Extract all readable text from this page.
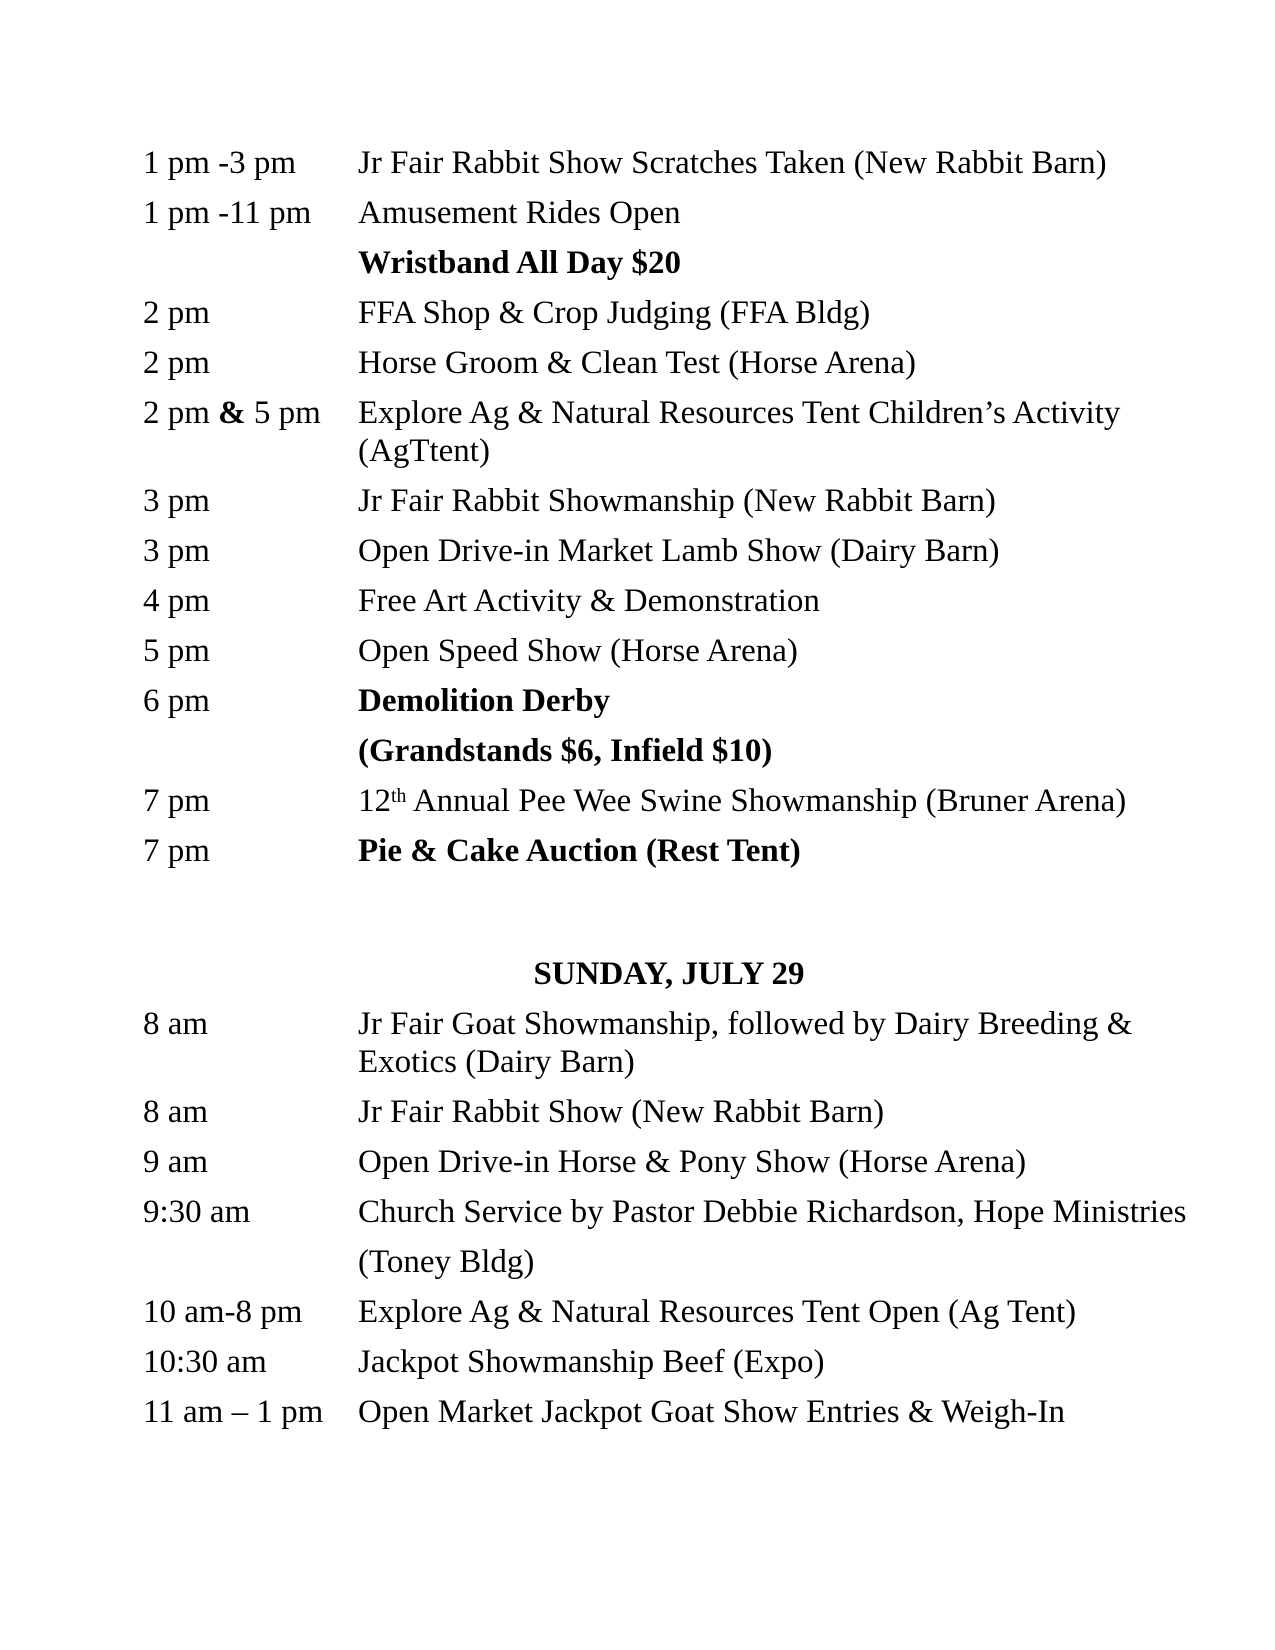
1 pm -3 pm	Jr Fair Rabbit Show Scratches Taken (New Rabbit Barn)
1 pm -11 pm	Amusement Rides Open
Wristband All Day $20
2 pm	FFA Shop & Crop Judging (FFA Bldg)
2 pm	Horse Groom & Clean Test (Horse Arena)
2 pm & 5 pm	Explore Ag & Natural Resources Tent Children’s Activity
(AgTtent)
3 pm	Jr Fair Rabbit Showmanship (New Rabbit Barn)
3 pm	Open Drive-in Market Lamb Show (Dairy Barn)
4 pm	Free Art Activity & Demonstration
5 pm	Open Speed Show (Horse Arena)
6 pm	Demolition Derby
(Grandstands $6, Infield $10)
7 pm	12th Annual Pee Wee Swine Showmanship (Bruner Arena)
7 pm	Pie & Cake Auction (Rest Tent)
SUNDAY, JULY 29
8 am	Jr Fair Goat Showmanship, followed by Dairy Breeding &
Exotics (Dairy Barn)
8 am	Jr Fair Rabbit Show (New Rabbit Barn)
9 am	Open Drive-in Horse & Pony Show (Horse Arena)
9:30 am	Church Service by Pastor Debbie Richardson, Hope Ministries
(Toney Bldg)
10 am-8 pm	Explore Ag & Natural Resources Tent Open (Ag Tent)
10:30 am	Jackpot Showmanship Beef (Expo)
11 am – 1 pm	Open Market Jackpot Goat Show Entries & Weigh-In
